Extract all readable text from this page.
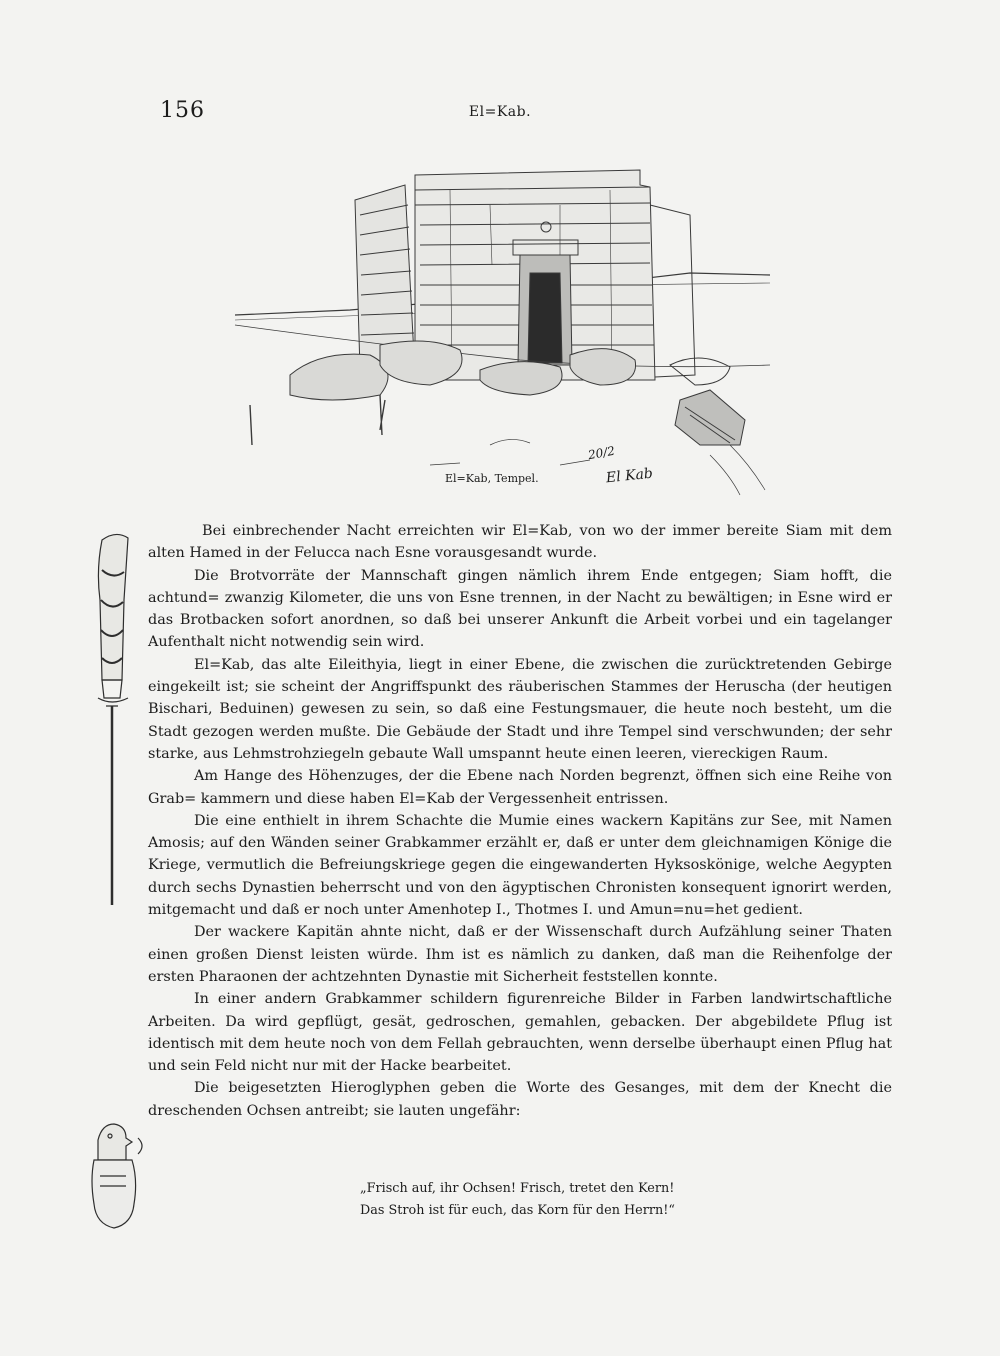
156	El=Kab.
El=Kab, Tempel.
20/2
El Kab

Bei einbrechender Nacht erreichten wir El=Kab, von wo der immer bereite Siam mit dem alten Hamed in der Felucca nach Esne vorausgesandt wurde.

Die Brotvorräte der Mannschaft gingen nämlich ihrem Ende entgegen; Siam hofft, die achtund= zwanzig Kilometer, die uns von Esne trennen, in der Nacht zu bewältigen; in Esne wird er das Brotbacken sofort anordnen, so daß bei unserer Ankunft die Arbeit vorbei und ein tagelanger Aufenthalt nicht notwendig sein wird.

El=Kab, das alte Eileithyia, liegt in einer Ebene, die zwischen die zurücktretenden Gebirge eingekeilt ist; sie scheint der Angriffspunkt des räuberischen Stammes der Heruscha (der heutigen Bischari, Beduinen) gewesen zu sein, so daß eine Festungsmauer, die heute noch besteht, um die Stadt gezogen werden mußte. Die Gebäude der Stadt und ihre Tempel sind verschwunden; der sehr starke, aus Lehmstrohziegeln gebaute Wall umspannt heute einen leeren, viereckigen Raum.

Am Hange des Höhenzuges, der die Ebene nach Norden begrenzt, öffnen sich eine Reihe von Grab= kammern und diese haben El=Kab der Vergessenheit entrissen.

Die eine enthielt in ihrem Schachte die Mumie eines wackern Kapitäns zur See, mit Namen Amosis; auf den Wänden seiner Grabkammer erzählt er, daß er unter dem gleichnamigen Könige die Kriege, vermutlich die Befreiungskriege gegen die eingewanderten Hyksoskönige, welche Aegypten durch sechs Dynastien beherrscht und von den ägyptischen Chronisten konsequent ignorirt werden, mitgemacht und daß er noch unter Amenhotep I., Thotmes I. und Amun=nu=het gedient.

Der wackere Kapitän ahnte nicht, daß er der Wissenschaft durch Aufzählung seiner Thaten einen großen Dienst leisten würde. Ihm ist es nämlich zu danken, daß man die Reihenfolge der ersten Pharaonen der achtzehnten Dynastie mit Sicherheit feststellen konnte.

In einer andern Grabkammer schildern figurenreiche Bilder in Farben landwirtschaftliche Arbeiten. Da wird gepflügt, gesät, gedroschen, gemahlen, gebacken. Der abgebildete Pflug ist identisch mit dem heute noch von dem Fellah gebrauchten, wenn derselbe überhaupt einen Pflug hat und sein Feld nicht nur mit der Hacke bearbeitet.

Die beigesetzten Hieroglyphen geben die Worte des Gesanges, mit dem der Knecht die dreschenden Ochsen antreibt; sie lauten ungefähr:

„Frisch auf, ihr Ochsen! Frisch, tretet den Kern!
Das Stroh ist für euch, das Korn für den Herrn!“
